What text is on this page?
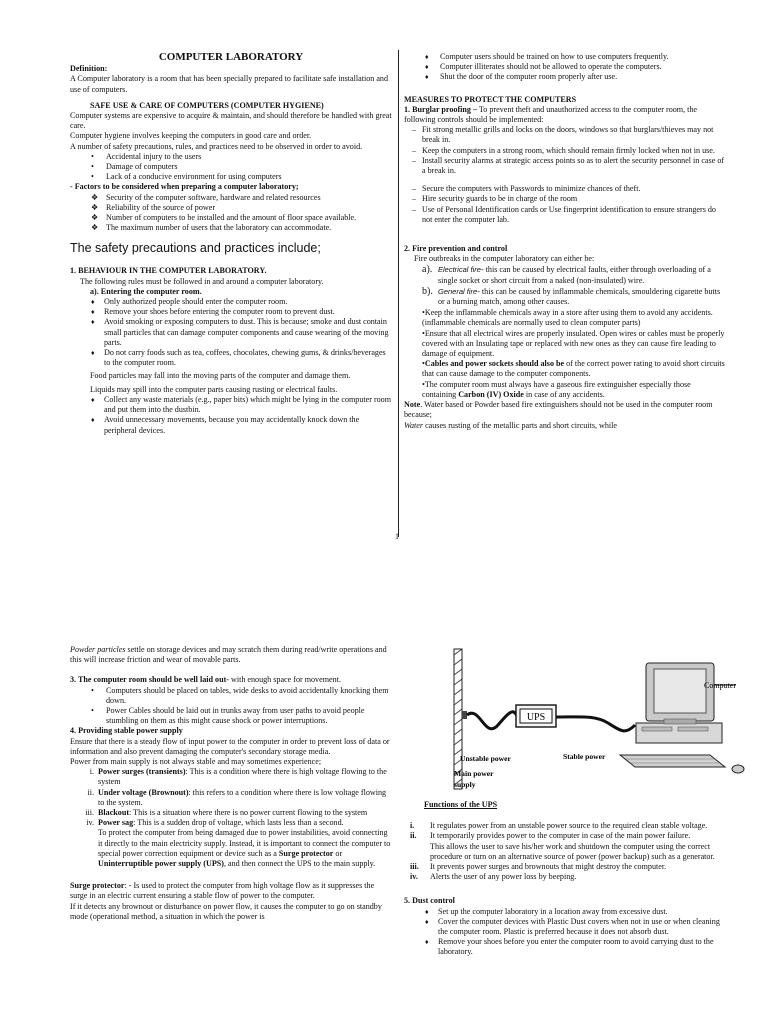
COMPUTER LABORATORY

Definition:

A Computer laboratory is a room that has been specially prepared to facilitate safe installation and use of computers.

SAFE USE & CARE OF COMPUTERS (COMPUTER HYGIENE)

Computer systems are expensive to acquire & maintain, and should therefore be handled with great care.

Computer hygiene involves keeping the computers in good care and order.

A number of safety precautions, rules, and practices need to be observed in order to avoid.

• Accidental injury to the users
• Damage of computers
• Lack of a conducive environment for using computers

- Factors to be considered when preparing a computer laboratory;

❖ Security of the computer software, hardware and related resources
❖ Reliability of the source of power
❖ Number of computers to be installed and the amount of floor space available.
❖ The maximum number of users that the laboratory can accommodate.

The safety precautions and practices include;

1. BEHAVIOUR IN THE COMPUTER LABORATORY.

The following rules must be followed in and around a computer laboratory.

a). Entering the computer room.

♦ Only authorized people should enter the computer room.
♦ Remove your shoes before entering the computer room to prevent dust.
♦ Avoid smoking or exposing computers to dust. This is because; smoke and dust contain small particles that can damage computer components and cause wearing of the moving parts.
♦ Do not carry foods such as tea, coffees, chocolates, chewing gums, & drinks/beverages to the computer room.

Food particles may fall into the moving parts of the computer and damage them.

Liquids may spill into the computer parts causing rusting or electrical faults.

♦ Collect any waste materials (e.g., paper bits) which might be lying in the computer room and put them into the dustbin.
♦ Avoid unnecessary movements, because you may accidentally knock down the peripheral devices.
1
♦ Computer users should be trained on how to use computers frequently.
♦ Computer illiterates should not be allowed to operate the computers.
♦ Shut the door of the computer room properly after use.

MEASURES TO PROTECT THE COMPUTERS

1. Burglar proofing – To prevent theft and unauthorized access to the computer room, the following controls should be implemented:

– Fit strong metallic grills and locks on the doors, windows so that burglars/thieves may not break in.
– Keep the computers in a strong room, which should remain firmly locked when not in use.
– Install security alarms at strategic access points so as to alert the security personnel in case of a break in.
– Secure the computers with Passwords to minimize chances of theft.
– Hire security guards to be in charge of the room
– Use of Personal Identification cards or Use fingerprint identification to ensure strangers do not enter the computer lab.

2. Fire prevention and control

Fire outbreaks in the computer laboratory can either be:

a). Electrical fire- this can be caused by electrical faults, either through overloading of a single socket or short circuit from a naked (non-insulated) wire.

b). General fire- this can be caused by inflammable chemicals, smouldering cigarette butts or a burning match, among other causes.

• Keep the inflammable chemicals away in a store after using them to avoid any accidents. (inflammable chemicals are normally used to clean computer parts)
• Ensure that all electrical wires are properly insulated. Open wires or cables must be properly covered with an Insulating tape or replaced with new ones as they can cause fire leading to damage of equipment.
• Cables and power sockets should also be of the correct power rating to avoid short circuits that can cause damage to the computer components.
• The computer room must always have a gaseous fire extinguisher especially those containing Carbon (IV) Oxide in case of any accidents.

Note. Water based or Powder based fire extinguishers should not be used in the computer room because;

Water causes rusting of the metallic parts and short circuits, while

Powder particles settle on storage devices and may scratch them during read/write operations and this will increase friction and wear of movable parts.

3. The computer room should be well laid out- with enough space for movement.

• Computers should be placed on tables, wide desks to avoid accidentally knocking them down.
• Power Cables should be laid out in trunks away from user paths to avoid people stumbling on them as this might cause shock or power interruptions.

4. Providing stable power supply

Ensure that there is a steady flow of input power to the computer in order to prevent loss of data or information and also prevent damaging the computer's secondary storage media.

Power from main supply is not always stable and may sometimes experience;

i. Power surges (transients): This is a condition where there is high voltage flowing to the system
ii. Under voltage (Brownout): this refers to a condition where there is low voltage flowing to the system.
iii. Blackout: This is a situation where there is no power current flowing to the system
iv. Power sag: This is a sudden drop of voltage, which lasts less than a second.

To protect the computer from being damaged due to power instabilities, avoid connecting it directly to the main electricity supply. Instead, it is important to connect the computer to special power correction equipment or device such as a Surge protector or Uninterruptible power supply (UPS), and then connect the UPS to the main supply.

Surge protector: - Is used to protect the computer from high voltage flow as it suppresses the surge in an electric current ensuring a stable flow of power to the computer.

If it detects any brownout or disturbance on power flow, it causes the computer to go on standby mode (operational method, a situation in which the power is

UPS
Computer
Unstable power	Stable power
Main power
supply

Functions of the UPS

i. It regulates power from an unstable power source to the required clean stable voltage.
ii. It temporarily provides power to the computer in case of the main power failure.
This allows the user to save his/her work and shutdown the computer using the correct procedure or turn on an alternative source of power (power backup) such as a generator.
iii. It prevents power surges and brownouts that might destroy the computer.
iv. Alerts the user of any power loss by beeping.

5. Dust control

♦ Set up the computer laboratory in a location away from excessive dust.
♦ Cover the computer devices with Plastic Dust covers when not in use or when cleaning the computer room. Plastic is preferred because it does not absorb dust.
♦ Remove your shoes before you enter the computer room to avoid carrying dust to the laboratory.
